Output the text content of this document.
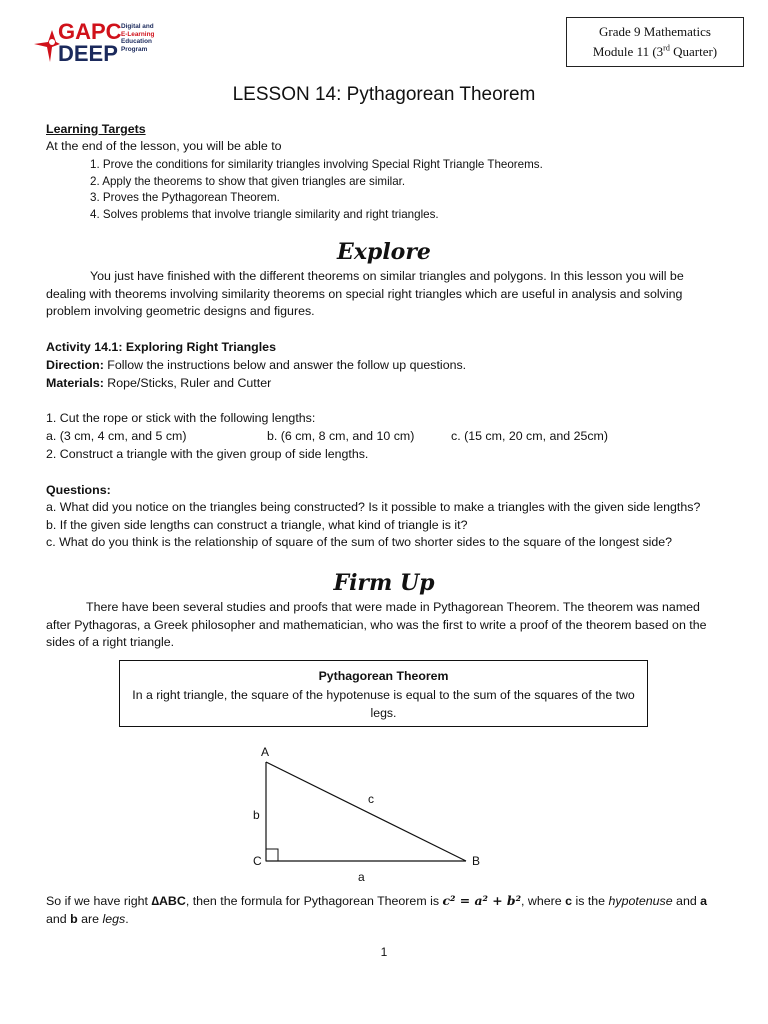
GAPC
DEEP
Digital and
E-Learning
Education
Program
Grade 9 Mathematics
Module 11 (3rd Quarter)
LESSON 14: Pythagorean Theorem
Learning Targets
At the end of the lesson, you will be able to
1. Prove the conditions for similarity triangles involving Special Right Triangle Theorems.
2. Apply the theorems to show that given triangles are similar.
3. Proves the Pythagorean Theorem.
4. Solves problems that involve triangle similarity and right triangles.
Explore
You just have finished with the different theorems on similar triangles and polygons. In this lesson you will be
dealing with theorems involving similarity theorems on special right triangles which are useful in analysis and solving
problem involving geometric designs and figures.
Activity 14.1: Exploring Right Triangles
Direction: Follow the instructions below and answer the follow up questions.
Materials: Rope/Sticks, Ruler and Cutter
1. Cut the rope or stick with the following lengths:
a. (3 cm, 4 cm, and 5 cm)	b. (6 cm, 8 cm, and 10 cm)	c. (15 cm, 20 cm, and 25cm)
2. Construct a triangle with the given group of side lengths.
Questions:
a. What did you notice on the triangles being constructed? Is it possible to make a triangles with the given side lengths?
b. If the given side lengths can construct a triangle, what kind of triangle is it?
c. What do you think is the relationship of square of the sum of two shorter sides to the square of the longest side?
Firm Up
There have been several studies and proofs that were made in Pythagorean Theorem. The theorem was named
after Pythagoras, a Greek philosopher and mathematician, who was the first to write a proof of the theorem based on the
sides of a right triangle.
Pythagorean Theorem
In a right triangle, the square of the hypotenuse is equal to the sum of the squares of the two
legs.
A
B
C
a
b
c
So if we have right ∆ABC, then the formula for Pythagorean Theorem is c² = a² + b², where c is the hypotenuse and a
and b are legs.
1
